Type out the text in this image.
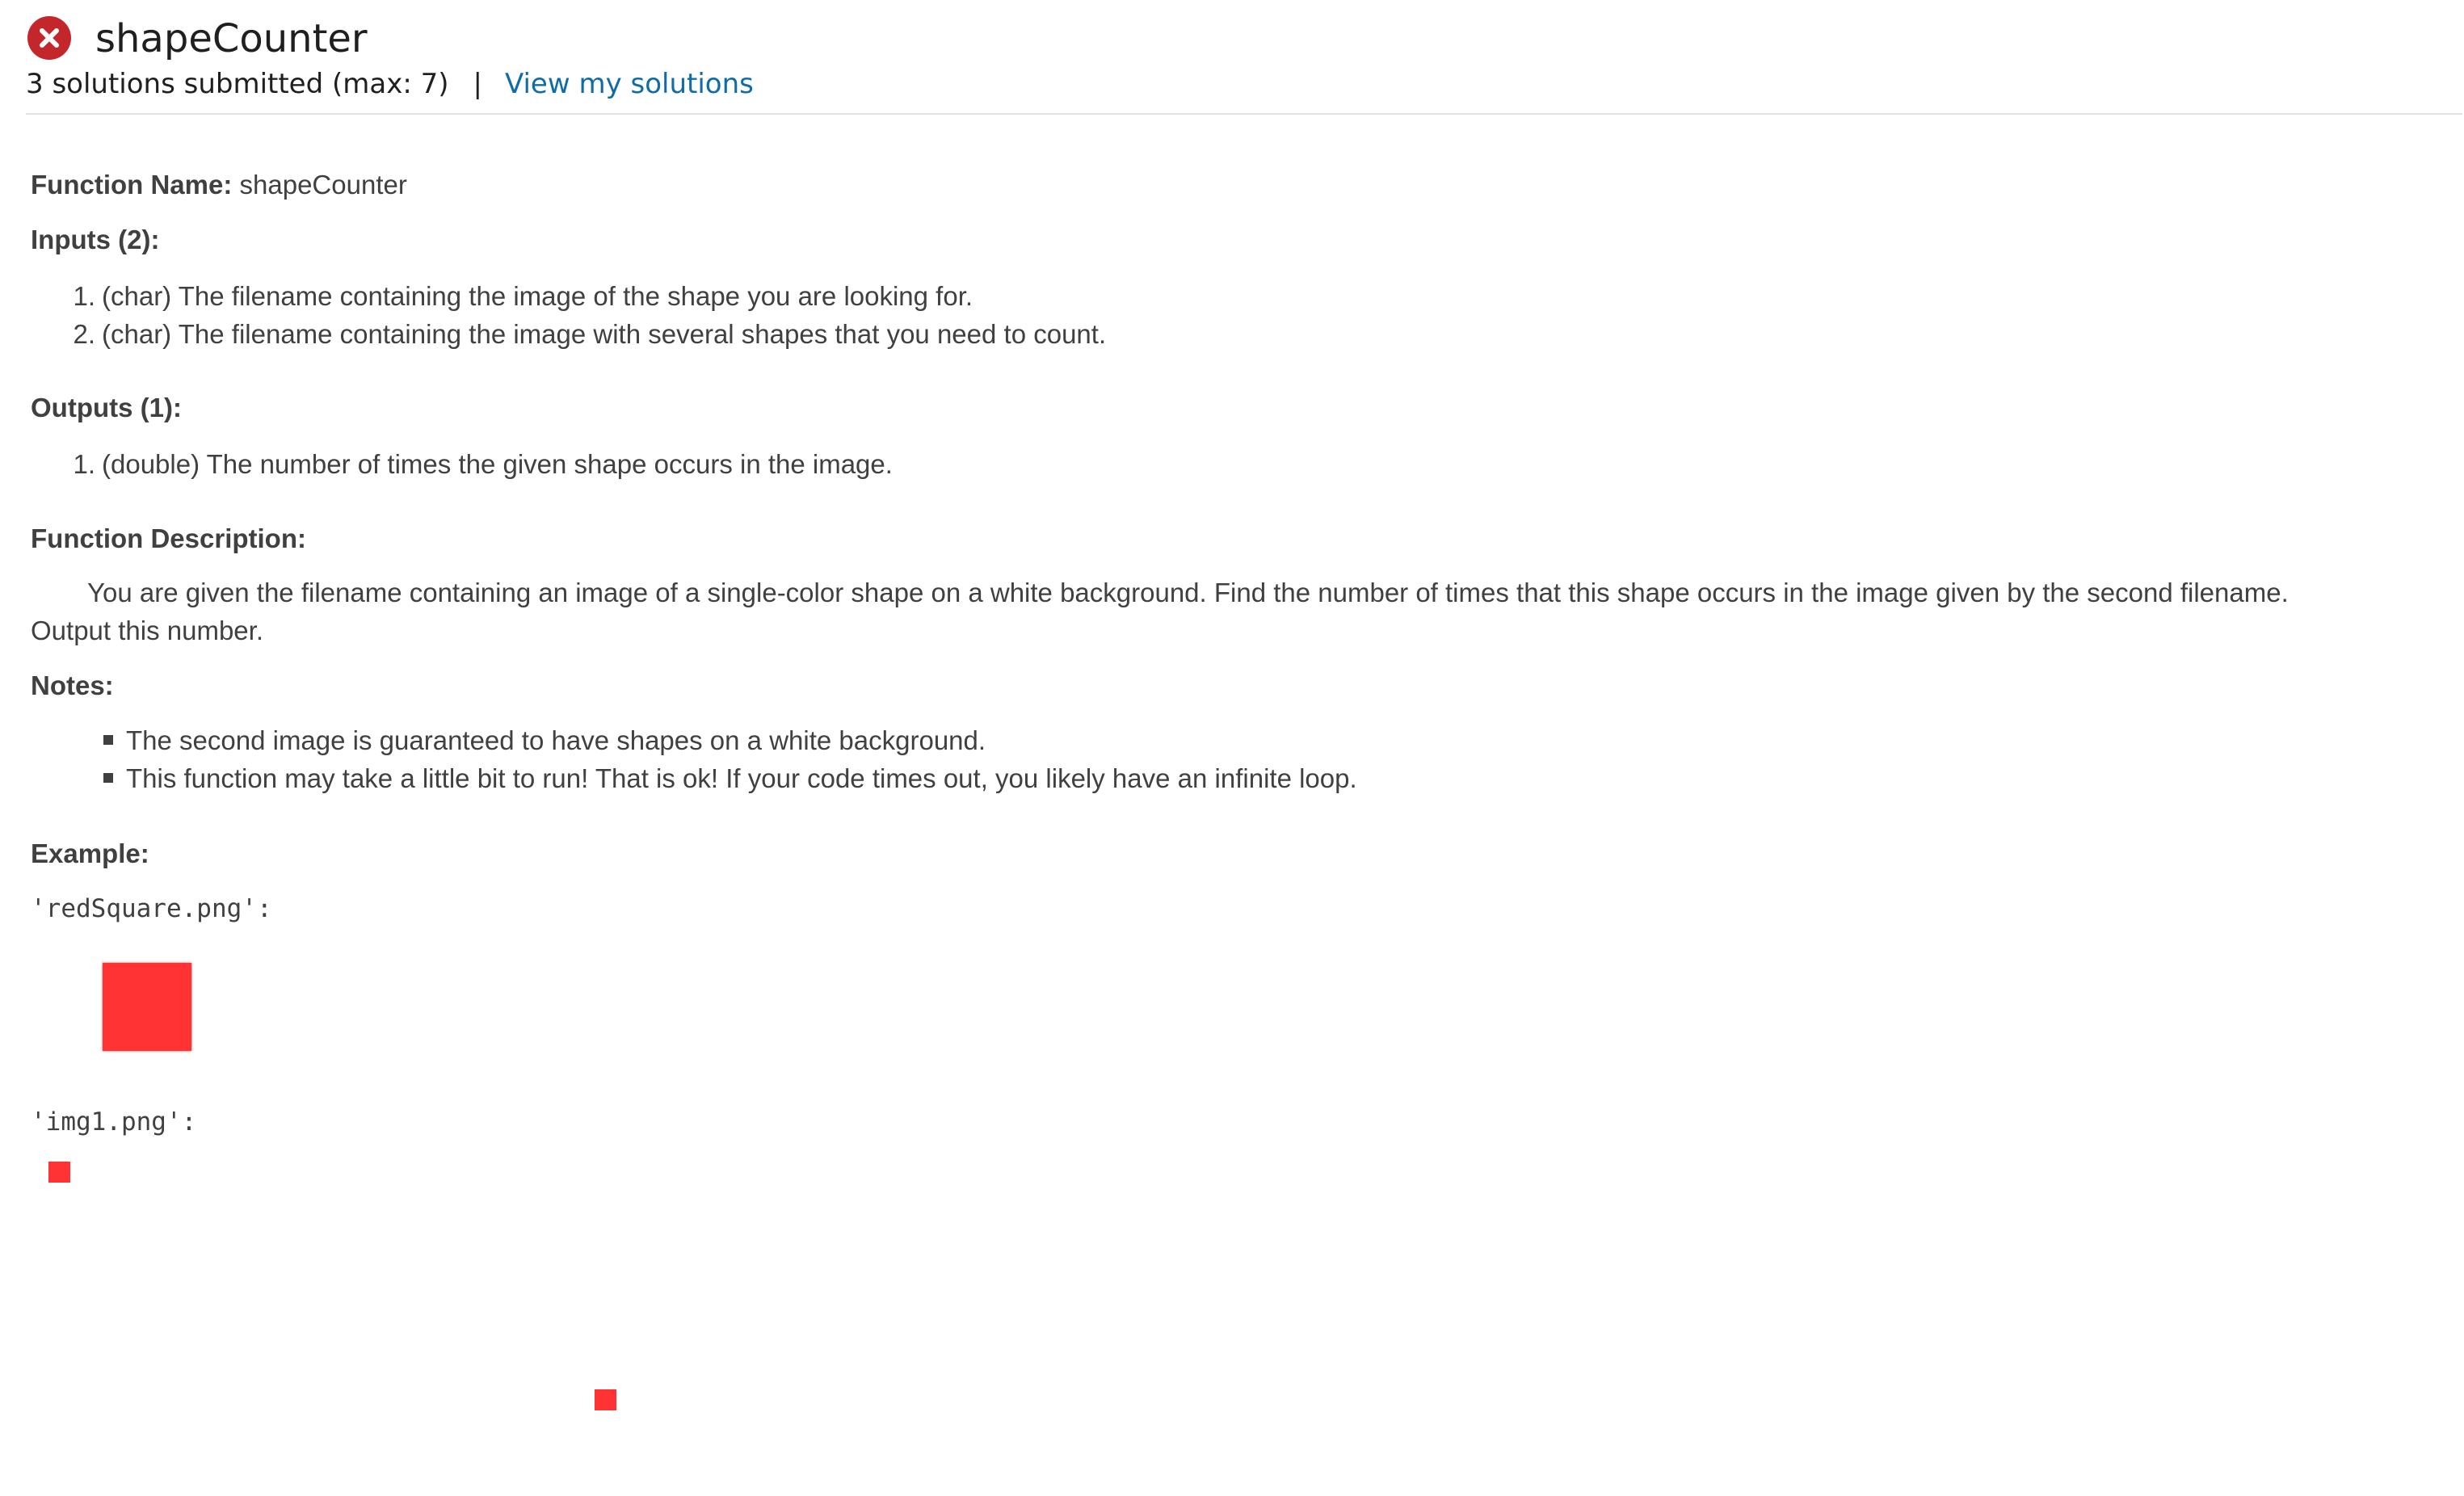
shapeCounter
3 solutions submitted (max: 7) | View my solutions
Function Name: shapeCounter
Inputs (2):
1. (char) The filename containing the image of the shape you are looking for.
2. (char) The filename containing the image with several shapes that you need to count.
Outputs (1):
1. (double) The number of times the given shape occurs in the image.
Function Description:
You are given the filename containing an image of a single-color shape on a white background. Find the number of times that this shape occurs in the image given by the second filename. Output this number.
Notes:
The second image is guaranteed to have shapes on a white background.
This function may take a little bit to run! That is ok! If your code times out, you likely have an infinite loop.
Example:
'redSquare.png':
'img1.png':
